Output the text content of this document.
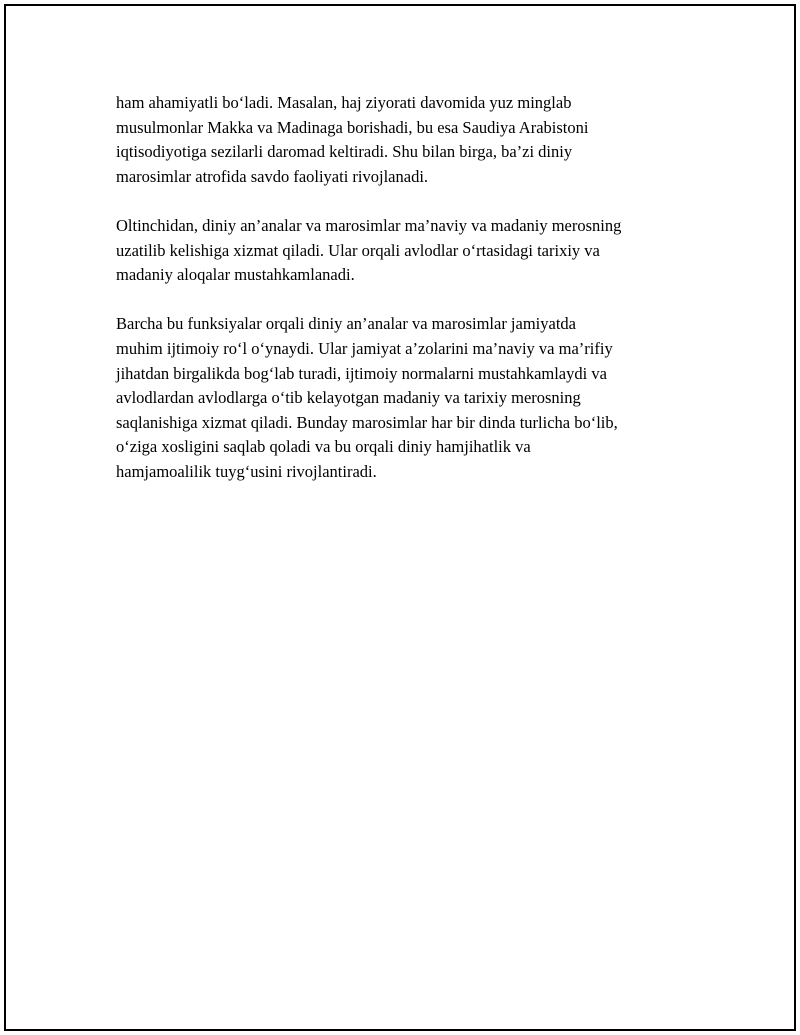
ham ahamiyatli bo‘ladi. Masalan, haj ziyorati davomida yuz minglab
musulmonlar Makka va Madinaga borishadi, bu esa Saudiya Arabistoni
iqtisodiyotiga sezilarli daromad keltiradi. Shu bilan birga, ba’zi diniy
marosimlar atrofida savdo faoliyati rivojlanadi.

Oltinchidan, diniy an’analar va marosimlar ma’naviy va madaniy merosning
uzatilib kelishiga xizmat qiladi. Ular orqali avlodlar o‘rtasidagi tarixiy va
madaniy aloqalar mustahkamlanadi.

Barcha bu funksiyalar orqali diniy an’analar va marosimlar jamiyatda
muhim ijtimoiy ro‘l o‘ynaydi. Ular jamiyat a’zolarini ma’naviy va ma’rifiy
jihatdan birgalikda bog‘lab turadi, ijtimoiy normalarni mustahkamlaydi va
avlodlardan avlodlarga o‘tib kelayotgan madaniy va tarixiy merosning
saqlanishiga xizmat qiladi. Bunday marosimlar har bir dinda turlicha bo‘lib,
o‘ziga xosligini saqlab qoladi va bu orqali diniy hamjihatlik va
hamjamoalilik tuyg‘usini rivojlantiradi.
